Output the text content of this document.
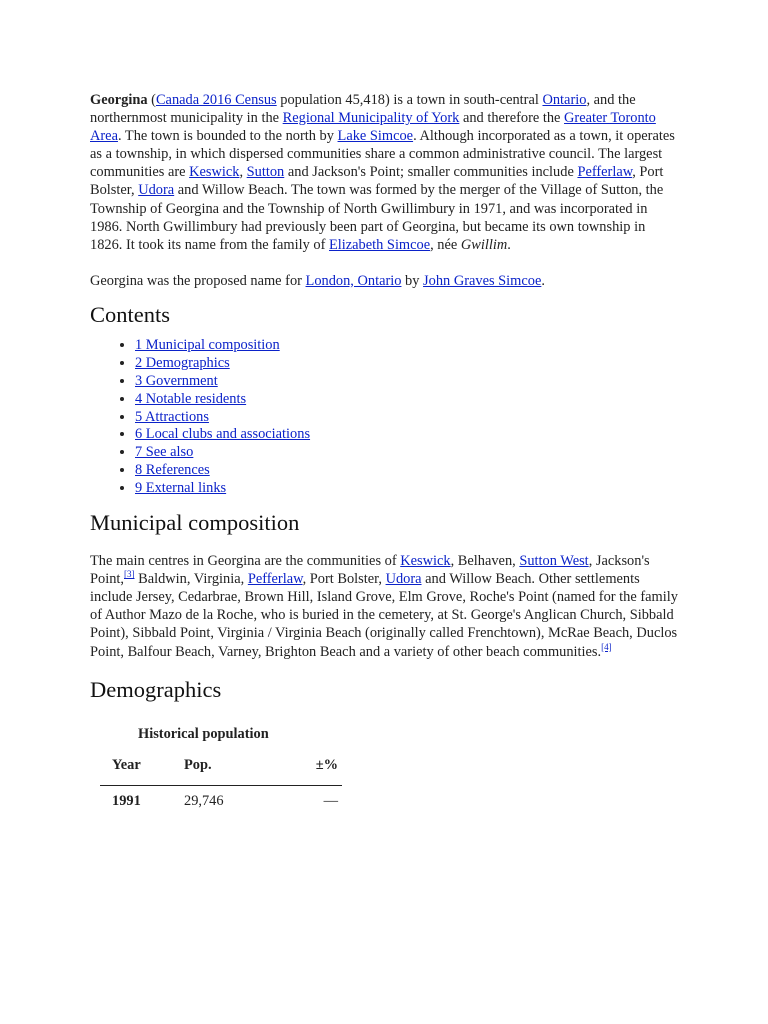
Georgina (Canada 2016 Census population 45,418) is a town in south-central Ontario, and the northernmost municipality in the Regional Municipality of York and therefore the Greater Toronto Area. The town is bounded to the north by Lake Simcoe. Although incorporated as a town, it operates as a township, in which dispersed communities share a common administrative council. The largest communities are Keswick, Sutton and Jackson's Point; smaller communities include Pefferlaw, Port Bolster, Udora and Willow Beach. The town was formed by the merger of the Village of Sutton, the Township of Georgina and the Township of North Gwillimbury in 1971, and was incorporated in 1986. North Gwillimbury had previously been part of Georgina, but became its own township in 1826. It took its name from the family of Elizabeth Simcoe, née Gwillim.

Georgina was the proposed name for London, Ontario by John Graves Simcoe.

Contents
• 1 Municipal composition
• 2 Demographics
• 3 Government
• 4 Notable residents
• 5 Attractions
• 6 Local clubs and associations
• 7 See also
• 8 References
• 9 External links
Municipal composition

The main centres in Georgina are the communities of Keswick, Belhaven, Sutton West, Jackson's Point,[3] Baldwin, Virginia, Pefferlaw, Port Bolster, Udora and Willow Beach. Other settlements include Jersey, Cedarbrae, Brown Hill, Island Grove, Elm Grove, Roche's Point (named for the family of Author Mazo de la Roche, who is buried in the cemetery, at St. George's Anglican Church, Sibbald Point), Sibbald Point, Virginia / Virginia Beach (originally called Frenchtown), McRae Beach, Duclos Point, Balfour Beach, Varney, Brighton Beach and a variety of other beach communities.[4]

Demographics
Historical population
Year	Pop.	±%
1991	29,746	—
